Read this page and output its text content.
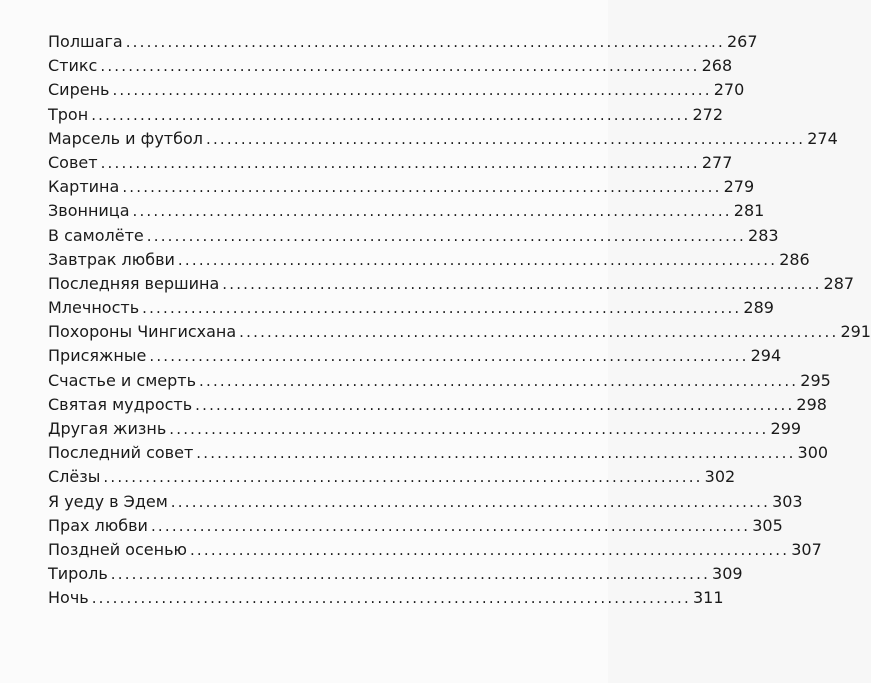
Полшага ...................................................................................... 267
Стикс ...................................................................................... 268
Сирень ...................................................................................... 270
Трон ...................................................................................... 272
Марсель и футбол ...................................................................................... 274
Совет ...................................................................................... 277
Картина ...................................................................................... 279
Звонница ...................................................................................... 281
В самолёте ...................................................................................... 283
Завтрак любви ...................................................................................... 286
Последняя вершина ...................................................................................... 287
Млечность ...................................................................................... 289
Похороны Чингисхана ...................................................................................... 291
Присяжные ...................................................................................... 294
Счастье и смерть ...................................................................................... 295
Святая мудрость ...................................................................................... 298
Другая жизнь ...................................................................................... 299
Последний совет ...................................................................................... 300
Слёзы ...................................................................................... 302
Я уеду в Эдем ...................................................................................... 303
Прах любви ...................................................................................... 305
Поздней осенью ...................................................................................... 307
Тироль ...................................................................................... 309
Ночь ...................................................................................... 311
